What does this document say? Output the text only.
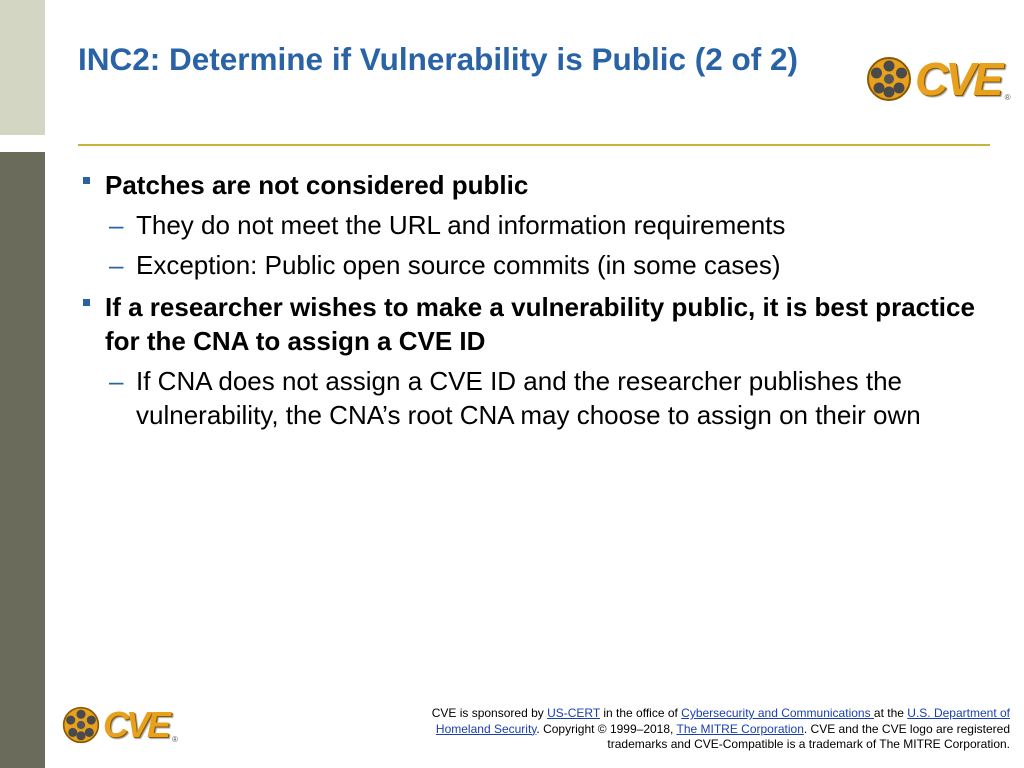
INC2: Determine if Vulnerability is Public (2 of 2)	CVE ®

Patches are not considered public

– They do not meet the URL and information requirements

– Exception: Public open source commits (in some cases)

If a researcher wishes to make a vulnerability public, it is best practice for the CNA to assign a CVE ID

– If CNA does not assign a CVE ID and the researcher publishes the vulnerability, the CNA’s root CNA may choose to assign on their own

CVE ®
CVE is sponsored by US-CERT in the office of Cybersecurity and Communications at the U.S. Department of Homeland Security. Copyright © 1999–2018, The MITRE Corporation. CVE and the CVE logo are registered trademarks and CVE-Compatible is a trademark of The MITRE Corporation.
